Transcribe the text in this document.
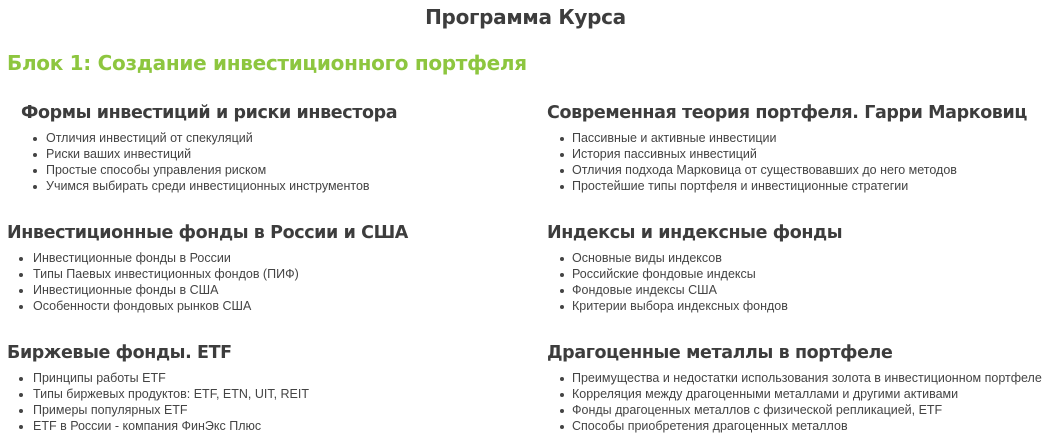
Программа Курса
Блок 1: Создание инвестиционного портфеля
Формы инвестиций и риски инвестора
Отличия инвестиций от спекуляций
Риски ваших инвестиций
Простые способы управления риском
Учимся выбирать среди инвестиционных инструментов
Инвестиционные фонды в России и США
Инвестиционные фонды в России
Типы Паевых инвестиционных фондов (ПИФ)
Инвестиционные фонды в США
Особенности фондовых рынков США
Биржевые фонды. ETF
Принципы работы ETF
Типы биржевых продуктов: ETF, ETN, UIT, REIT
Примеры популярных ETF
ETF в России - компания ФинЭкс Плюс
Современная теория портфеля. Гарри Марковиц
Пассивные и активные инвестиции
История пассивных инвестиций
Отличия подхода Марковица от существовавших до него методов
Простейшие типы портфеля и инвестиционные стратегии
Индексы и индексные фонды
Основные виды индексов
Российские фондовые индексы
Фондовые индексы США
Критерии выбора индексных фондов
Драгоценные металлы в портфеле
Преимущества и недостатки использования золота в инвестиционном портфеле
Корреляция между драгоценными металлами и другими активами
Фонды драгоценных металлов с физической репликацией, ETF
Способы приобретения драгоценных металлов
